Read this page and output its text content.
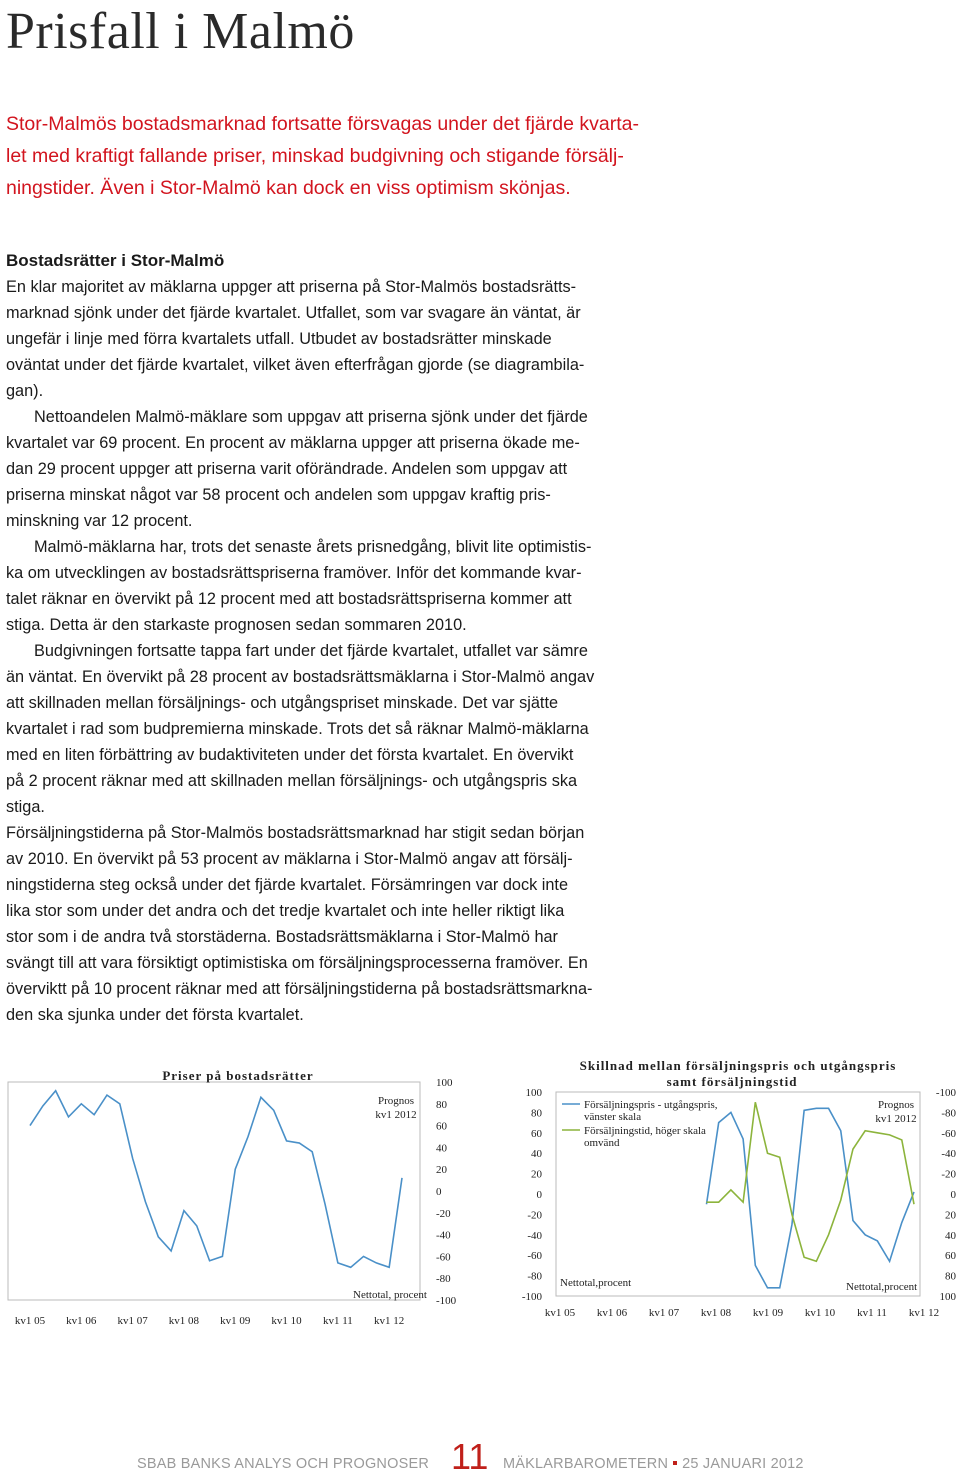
Prisfall i Malmö
Stor-Malmös bostadsmarknad fortsatte försvagas under det fjärde kvarta-
let med kraftigt fallande priser, minskad budgivning och stigande försälj-
ningstider. Även i Stor-Malmö kan dock en viss optimism skönjas.
Bostadsrätter i Stor-Malmö
En klar majoritet av mäklarna uppger att priserna på Stor-Malmös bostadsrätts-
marknad sjönk under det fjärde kvartalet. Utfallet, som var svagare än väntat, är
ungefär i linje med förra kvartalets utfall. Utbudet av bostadsrätter minskade
oväntat under det fjärde kvartalet, vilket även efterfrågan gjorde (se diagrambila-
gan).
Nettoandelen Malmö-mäklare som uppgav att priserna sjönk under det fjärde
kvartalet var 69 procent. En procent av mäklarna uppger att priserna ökade me-
dan 29 procent uppger att priserna varit oförändrade. Andelen som uppgav att
priserna minskat något var 58 procent och andelen som uppgav kraftig pris-
minskning var 12 procent.
Malmö-mäklarna har, trots det senaste årets prisnedgång, blivit lite optimistis-
ka om utvecklingen av bostadsrättspriserna framöver. Inför det kommande kvar-
talet räknar en övervikt på 12 procent med att bostadsrättspriserna kommer att
stiga. Detta är den starkaste prognosen sedan sommaren 2010.
Budgivningen fortsatte tappa fart under det fjärde kvartalet, utfallet var sämre
än väntat. En övervikt på 28 procent av bostadsrättsmäklarna i Stor-Malmö angav
att skillnaden mellan försäljnings- och utgångspriset minskade. Det var sjätte
kvartalet i rad som budpremierna minskade. Trots det så räknar Malmö-mäklarna
med en liten förbättring av budaktiviteten under det första kvartalet. En övervikt
på 2 procent räknar med att skillnaden mellan försäljnings- och utgångspris ska
stiga.
Försäljningstiderna på Stor-Malmös bostadsrättsmarknad har stigit sedan början
av 2010. En övervikt på 53 procent av mäklarna i Stor-Malmö angav att försälj-
ningstiderna steg också under det fjärde kvartalet. Försämringen var dock inte
lika stor som under det andra och det tredje kvartalet och inte heller riktigt lika
stor som i de andra två storstäderna. Bostadsrättsmäklarna i Stor-Malmö har
svängt till att vara försiktigt optimistiska om försäljningsprocesserna framöver. En
överviktt på 10 procent räknar med att försäljningstiderna på bostadsrättsmarkna-
den ska sjunka under det första kvartalet.
Priser på bostadsrätter	100
80
60
40
20
0
-20
-40
-60
-80
-100
kv1 05 kv1 06 kv1 07 kv1 08 kv1 09 kv1 10 kv1 11 kv1 12
Prognos
kv1 2012
Nettotal, procent
Skillnad mellan försäljningspris och utgångspris
samt försäljningstid
100
80
60
40
20
0
-20
-40
-60
-80
-100
-100
-80
-60
-40
-20
0
20
40
60
80
100
kv1 05 kv1 06 kv1 07 kv1 08 kv1 09 kv1 10 kv1 11 kv1 12
Försäljningspris - utgångspris,
vänster skala
Försäljningstid, höger skala
omvänd
Prognos
kv1 2012
Nettotal,procent	Nettotal,procent
SBAB BANKS ANALYS OCH PROGNOSER 11 MÄKLARBAROMETERN 25 JANUARI 2012
